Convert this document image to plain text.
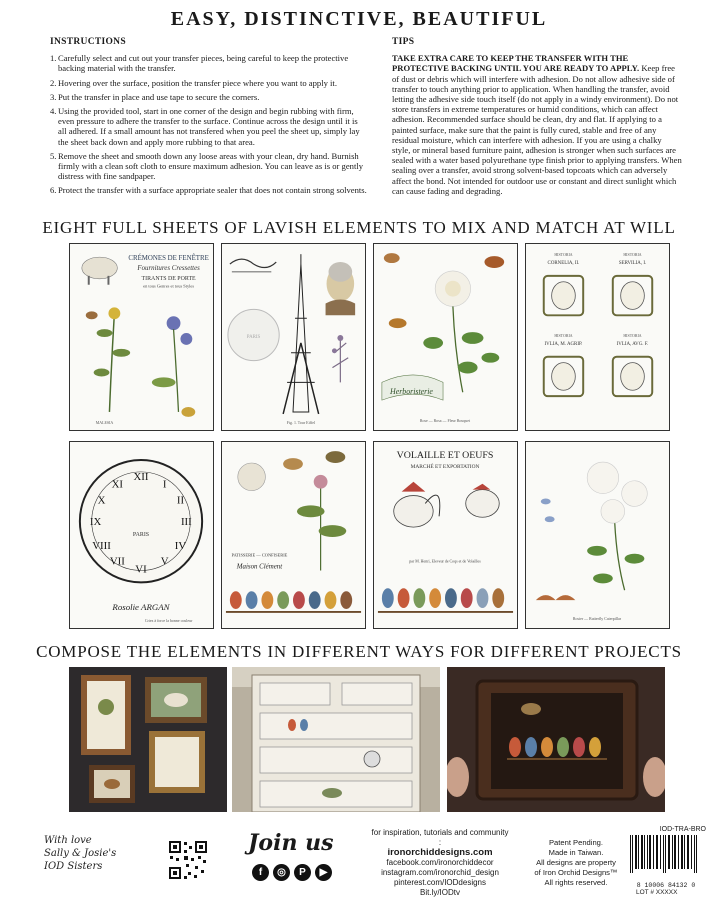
EASY, DISTINCTIVE, BEAUTIFUL
INSTRUCTIONS
1. Carefully select and cut out your transfer pieces, being careful to keep the protective backing material with the transfer.
2. Hovering over the surface, position the transfer piece where you want to apply it.
3. Put the transfer in place and use tape to secure the corners.
4. Using the provided tool, start in one corner of the design and begin rubbing with firm, even pressure to adhere the transfer to the surface. Continue across the design until it is all adhered. If a small amount has not transfered when you peel the sheet up, simply lay the sheet back down and apply more rubbing to that area.
5. Remove the sheet and smooth down any loose areas with your clean, dry hand. Burnish firmly with a clean soft cloth to ensure maximum adhesion. You can leave as is or gently distress with fine sandpaper.
6. Protect the transfer with a surface appropriate sealer that does not contain strong solvents.
TIPS

TAKE EXTRA CARE TO KEEP THE TRANSFER WITH THE PROTECTIVE BACKING UNTIL YOU ARE READY TO APPLY. Keep free of dust or debris which will interfere with adhesion. Do not allow adhesive side of transfer to touch anything prior to application. When handling the transfer, avoid letting the adhesive side touch itself (do not apply in a windy environment). Do not store transfers in extreme temperatures or humid conditions, which can affect adhesion. Recommended surface should be clean, dry and flat. If applying to a painted surface, make sure that the paint is fully cured, stable and free of any residual moisture, which can interfere with adhesion. If you are using a chalky style, or mineral based furniture paint, adhesion is stronger when such surfaces are sealed with a water based polyurethane type finish prior to applying transfers. When sealing over a transfer, avoid strong solvent-based topcoats which can adversely affect the bond. Not intended for outdoor use or constant and direct sunlight which can cause fading and degrading.

EIGHT FULL SHEETS OF LAVISH ELEMENTS TO MIX AND MATCH AT WILL
CRÉMONES DE FENÊTRE
Fournitures Cressettes
TIRANTS DE PORTE
en tous Genres et tous Styles
MALESIA
PARIS
Fig. 1. Tour Eiffel
Herboristerie
Rose — Rosa — Fleur Bouquet
HISTORIA	HISTORIA
CORNELIA, II.	SERVILIA, I.
HISTORIA	HISTORIA
IVLIA, M. AGRIP.	IVLIA, AVG. F.
XII
VI
III
IX
I
II
IV
V
VII
VIII
X
XI
PARIS
Rosolie ARGAN
Criez à force la bonne couleur
PATISSERIE — CONFISERIE
Maison Clément
VOLAILLE ET OEUFS
MARCHÉ ET EXPORTATION
par M. Henri, Eleveur de Coqs et de Volailles
Rosier — Butterfly Caterpillar
COMPOSE THE ELEMENTS IN DIFFERENT WAYS FOR DIFFERENT PROJECTS
With love
Sally & Josie's
IOD Sisters
Join us
f	◎	P	▶
for inspiration, tutorials and community :
ironorchiddesigns.com
facebook.com/ironorchiddecor
instagram.com/ironorchid_design
pinterest.com/IODdesigns
Bit.ly/IODtv
Patent Pending.
Made in Taiwan.
All designs are property
of Iron Orchid Designs™
All rights reserved.
IOD-TRA-BRO
8 10006 84132 0
LOT # XXXXX
